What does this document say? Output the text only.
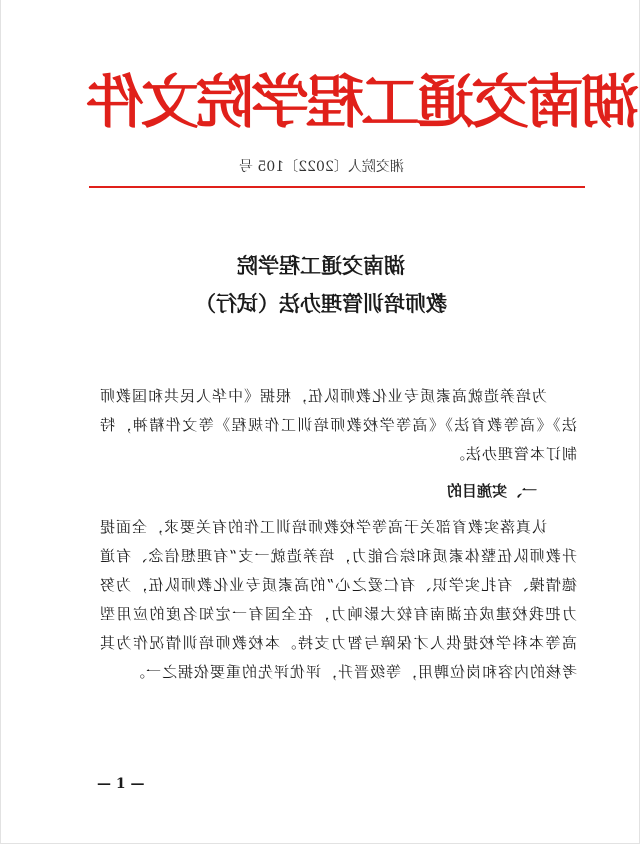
湖南交通工程学院文件
湘交院人〔2022〕105 号
湖南交通工程学院
教师培训管理办法（试行）
为培养造就高素质专业化教师队伍，根据《中华人民共和国教师法》《高等教育法》《高等学校教师培训工作规程》等文件精神，特制订本管理办法。
一、实施目的
认真落实教育部关于高等学校教师培训工作的有关要求，全面提升教师队伍整体素质和综合能力，培养造就一支“有理想信念、有道德情操、有扎实学识、有仁爱之心”的高素质专业化教师队伍，为努力把我校建成在湖南有较大影响力，在全国有一定知名度的应用型高等本科学校提供人才保障与智力支持。本校教师培训情况作为其考核的内容和岗位聘用，等级晋升，评优评先的重要依据之一。
— 1 —
